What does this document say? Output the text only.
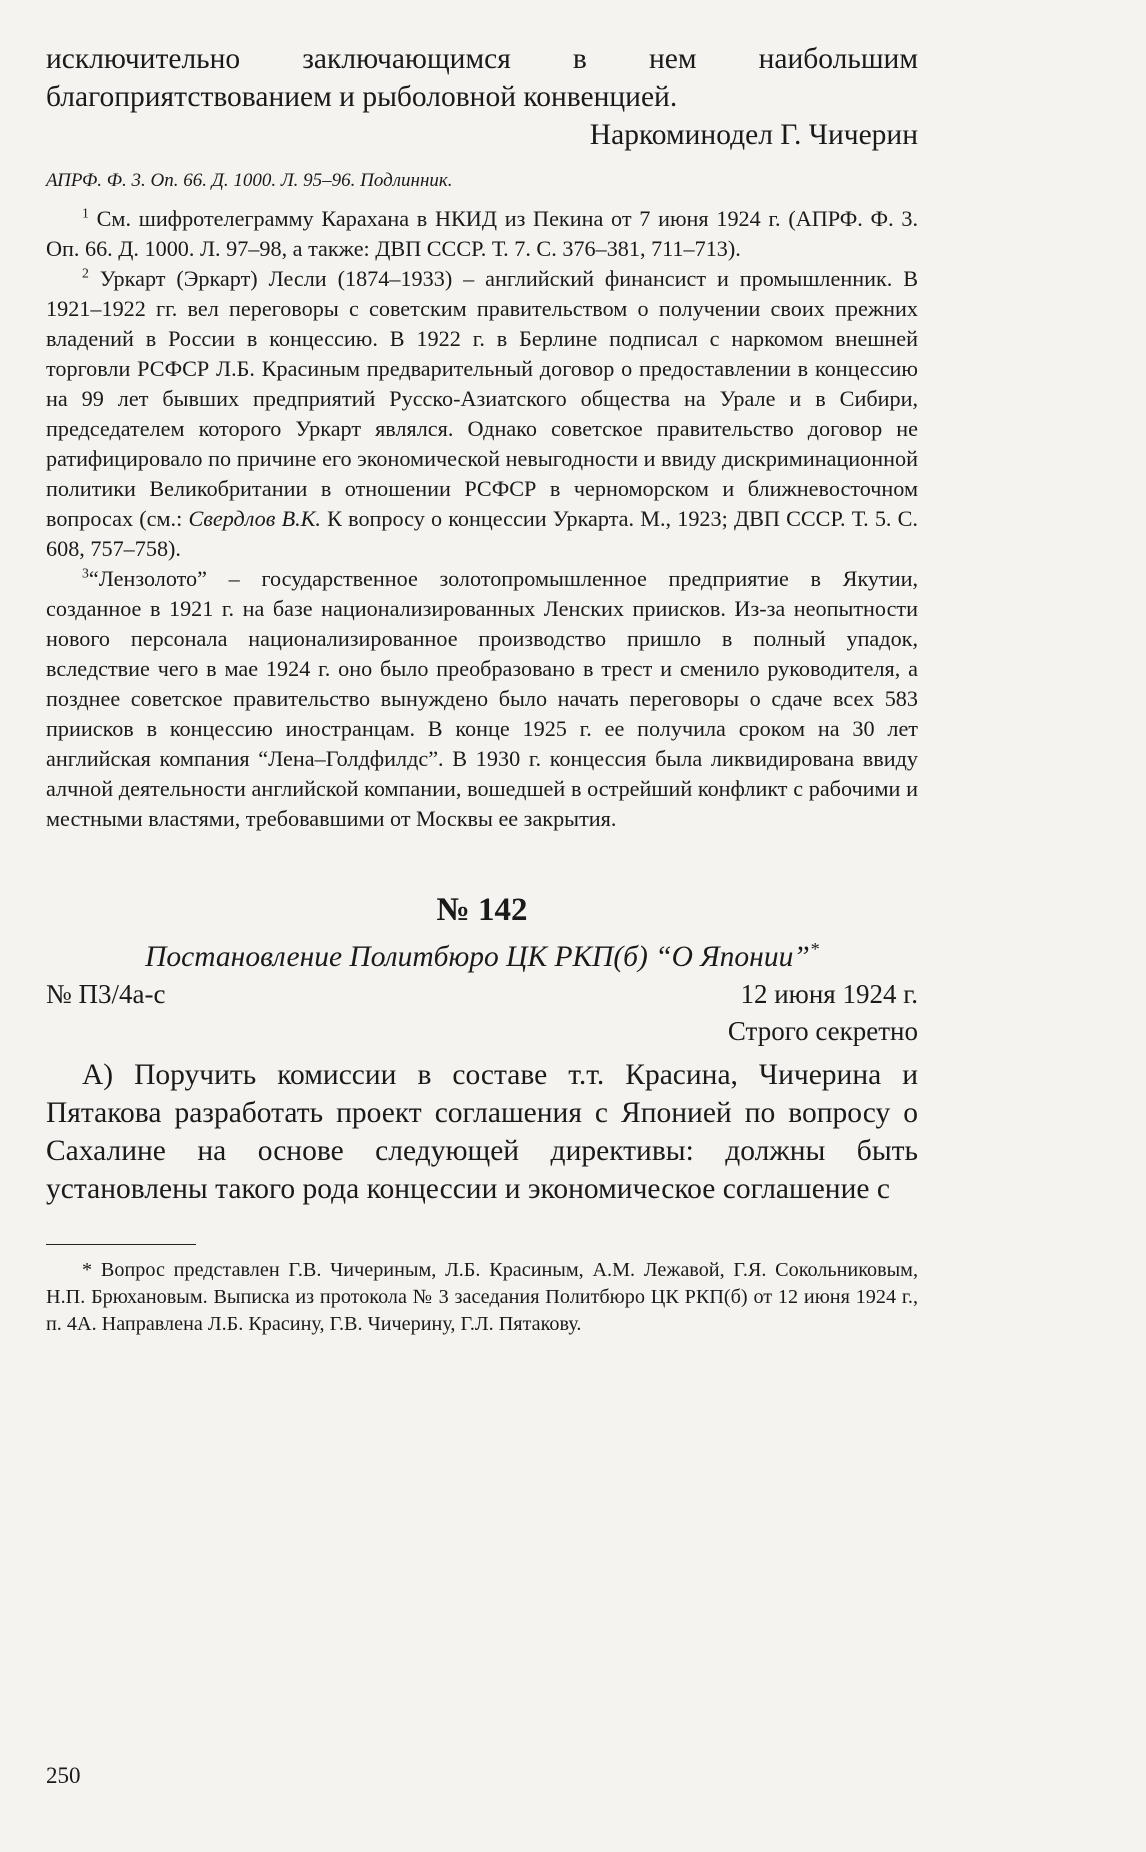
исключительно заключающимся в нем наибольшим благоприятствованием и рыболовной конвенцией.

Наркоминодел Г. Чичерин

АПРФ. Ф. 3. Оп. 66. Д. 1000. Л. 95–96. Подлинник.

$^1$ См. шифротелеграмму Карахана в НКИД из Пекина от 7 июня 1924 г. (АПРФ. Ф. 3. Оп. 66. Д. 1000. Л. 97–98, а также: ДВП СССР. Т. 7. С. 376–381, 711–713).

$^2$ Уркарт (Эркарт) Лесли (1874–1933) – английский финансист и промышленник. В 1921–1922 гг. вел переговоры с советским правительством о получении своих прежних владений в России в концессию. В 1922 г. в Берлине подписал с наркомом внешней торговли РСФСР Л.Б. Красиным предварительный договор о предоставлении в концессию на 99 лет бывших предприятий Русско-Азиатского общества на Урале и в Сибири, председателем которого Уркарт являлся. Однако советское правительство договор не ратифицировало по причине его экономической невыгодности и ввиду дискриминационной политики Великобритании в отношении РСФСР в черноморском и ближневосточном вопросах (см.: Свердлов В.К. К вопросу о концессии Уркарта. М., 1923; ДВП СССР. Т. 5. С. 608, 757–758).

$^3$“Лензолото” – государственное золотопромышленное предприятие в Якутии, созданное в 1921 г. на базе национализированных Ленских приисков. Из-за неопытности нового персонала национализированное производство пришло в полный упадок, вследствие чего в мае 1924 г. оно было преобразовано в трест и сменило руководителя, а позднее советское правительство вынуждено было начать переговоры о сдаче всех 583 приисков в концессию иностранцам. В конце 1925 г. ее получила сроком на 30 лет английская компания “Лена–Голдфилдс”. В 1930 г. концессия была ликвидирована ввиду алчной деятельности английской компании, вошедшей в острейший конфликт с рабочими и местными властями, требовавшими от Москвы ее закрытия.

№ 142

Постановление Политбюро ЦК РКП(б) “О Японии”*

№ П3/4а-с	12 июня 1924 г.
Строго секретно

А) Поручить комиссии в составе т.т. Красина, Чичерина и Пятакова разработать проект соглашения с Японией по вопросу о Сахалине на основе следующей директивы: должны быть установлены такого рода концессии и экономическое соглашение с

* Вопрос представлен Г.В. Чичериным, Л.Б. Красиным, А.М. Лежавой, Г.Я. Сокольниковым, Н.П. Брюхановым. Выписка из протокола № 3 заседания Политбюро ЦК РКП(б) от 12 июня 1924 г., п. 4А. Направлена Л.Б. Красину, Г.В. Чичерину, Г.Л. Пятакову.

250
